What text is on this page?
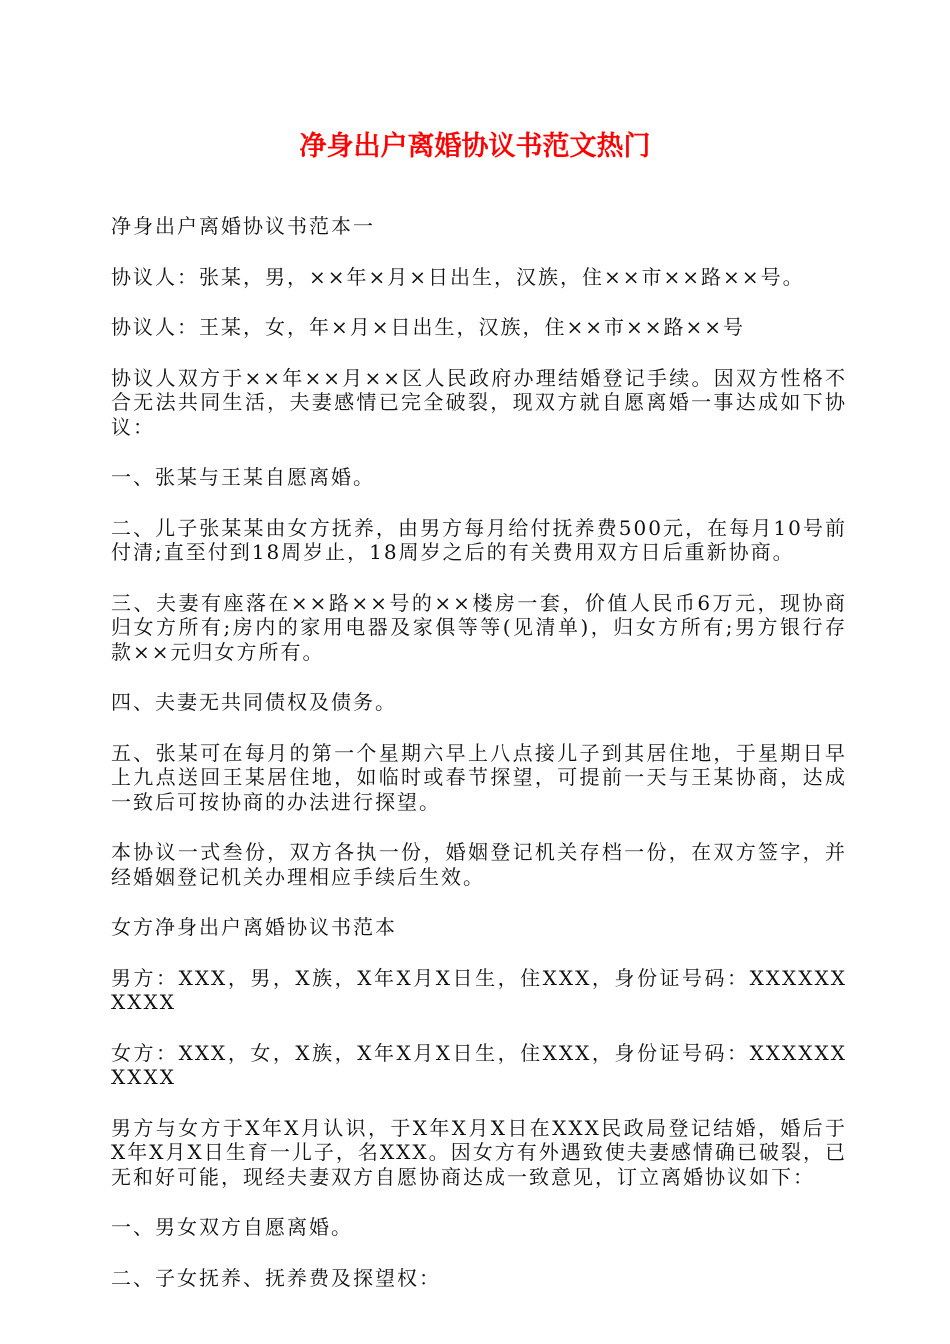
净身出户离婚协议书范文热门

净身出户离婚协议书范本一

协议人：张某，男，××年×月×日出生，汉族，住××市××路××号。

协议人：王某，女，年×月×日出生，汉族，住××市××路××号

协议人双方于××年××月××区人民政府办理结婚登记手续。因双方性格不合无法共同生活，夫妻感情已完全破裂，现双方就自愿离婚一事达成如下协议：

一、张某与王某自愿离婚。

二、儿子张某某由女方抚养，由男方每月给付抚养费500元，在每月10号前付清;直至付到18周岁止，18周岁之后的有关费用双方日后重新协商。

三、夫妻有座落在××路××号的××楼房一套，价值人民币6万元，现协商归女方所有;房内的家用电器及家俱等等(见清单)，归女方所有;男方银行存款××元归女方所有。

四、夫妻无共同债权及债务。

五、张某可在每月的第一个星期六早上八点接儿子到其居住地，于星期日早上九点送回王某居住地，如临时或春节探望，可提前一天与王某协商，达成一致后可按协商的办法进行探望。

本协议一式叁份，双方各执一份，婚姻登记机关存档一份，在双方签字，并经婚姻登记机关办理相应手续后生效。

女方净身出户离婚协议书范本

男方：XXX，男，X族，X年X月X日生，住XXX，身份证号码：XXXXXXXXXX

女方：XXX，女，X族，X年X月X日生，住XXX，身份证号码：XXXXXXXXXX

男方与女方于X年X月认识，于X年X月X日在XXX民政局登记结婚，婚后于X年X月X日生育一儿子，名XXX。因女方有外遇致使夫妻感情确已破裂，已无和好可能，现经夫妻双方自愿协商达成一致意见，订立离婚协议如下：

一、男女双方自愿离婚。

二、子女抚养、抚养费及探望权：
